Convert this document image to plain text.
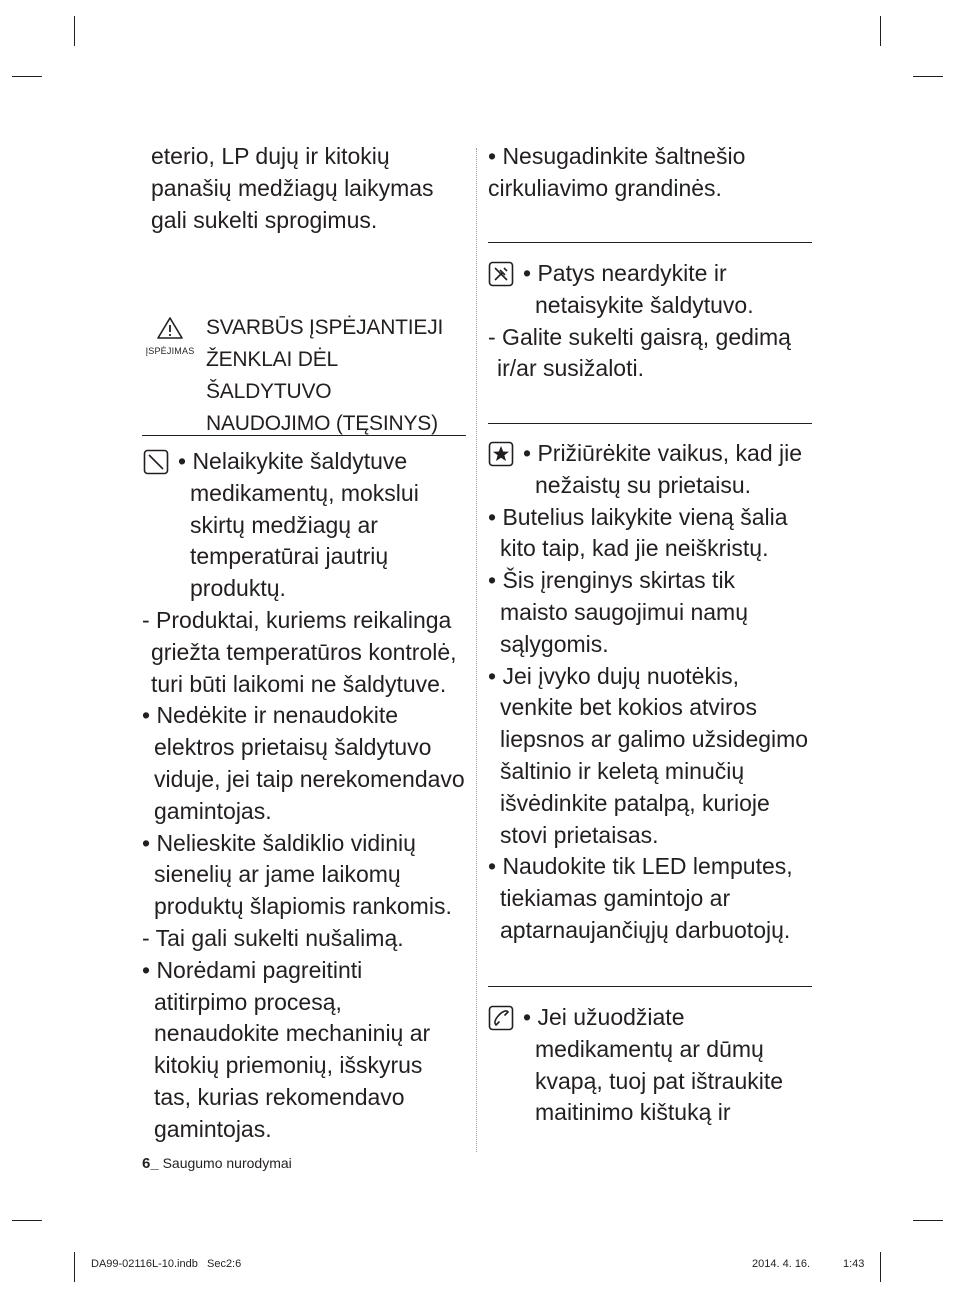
eterio, LP dujų ir kitokių

panašių medžiagų laikymas

gali sukelti sprogimus.

ĮSPĖJIMAS
SVARBŪS ĮSPĖJANTIEJI
ŽENKLAI DĖL
ŠALDYTUVO
NAUDOJIMO (TĘSINYS)

• Nelaikykite šaldytuve

medikamentų, mokslui

skirtų medžiagų ar

temperatūrai jautrių

produktų.

- Produktai, kuriems reikalinga

griežta temperatūros kontrolė,

turi būti laikomi ne šaldytuve.

• Nedėkite ir nenaudokite

elektros prietaisų šaldytuvo

viduje, jei taip nerekomendavo

gamintojas.

• Nelieskite šaldiklio vidinių

sienelių ar jame laikomų

produktų šlapiomis rankomis.

- Tai gali sukelti nušalimą.

• Norėdami pagreitinti

atitirpimo procesą,

nenaudokite mechaninių ar

kitokių priemonių, išskyrus

tas, kurias rekomendavo

gamintojas.

• Nesugadinkite šaltnešio

cirkuliavimo grandinės.

• Patys neardykite ir

netaisykite šaldytuvo.

- Galite sukelti gaisrą, gedimą

ir/ar susižaloti.

• Prižiūrėkite vaikus, kad jie

nežaistų su prietaisu.

• Butelius laikykite vieną šalia

kito taip, kad jie neiškristų.

• Šis įrenginys skirtas tik

maisto saugojimui namų

sąlygomis.

• Jei įvyko dujų nuotėkis,

venkite bet kokios atviros

liepsnos ar galimo užsidegimo

šaltinio ir keletą minučių

išvėdinkite patalpą, kurioje

stovi prietaisas.

• Naudokite tik LED lemputes,

tiekiamas gamintojo ar

aptarnaujančiųjų darbuotojų.

• Jei užuodžiate

medikamentų ar dūmų

kvapą, tuoj pat ištraukite

maitinimo kištuką ir

6_ Saugumo nurodymai
DA99-02116L-10.indb   Sec2:6	2014. 4. 16.	1:43
